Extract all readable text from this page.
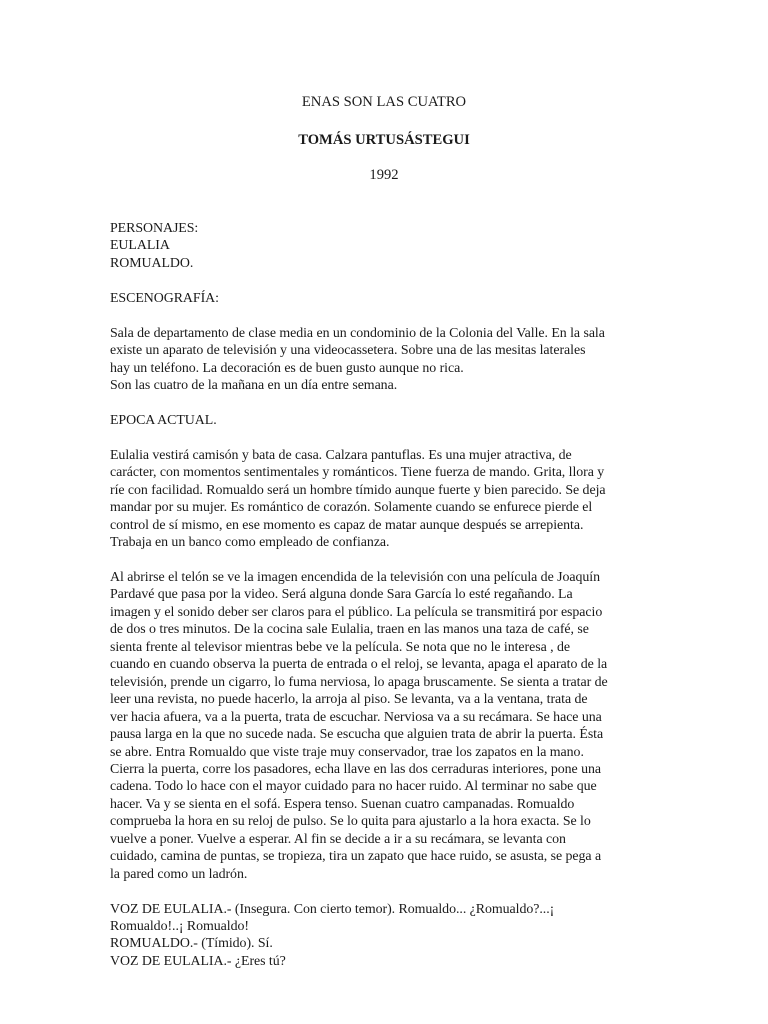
ENAS SON LAS CUATRO
TOMÁS URTUSÁSTEGUI
1992
PERSONAJES:
EULALIA
ROMUALDO.
ESCENOGRAFÍA:
Sala de departamento de clase media en un condominio de la Colonia del Valle. En la sala
existe un aparato de televisión y una videocassetera. Sobre una de las mesitas laterales
hay un teléfono. La decoración es de buen gusto aunque no rica.
Son las cuatro de la mañana en un día entre semana.
EPOCA ACTUAL.
Eulalia vestirá camisón y bata de casa. Calzara pantuflas. Es una mujer atractiva, de
carácter, con momentos sentimentales y románticos. Tiene fuerza de mando. Grita, llora y
ríe con facilidad. Romualdo será un hombre tímido aunque fuerte y bien parecido. Se deja
mandar por su mujer. Es romántico de corazón. Solamente cuando se enfurece pierde el
control de sí mismo, en ese momento es capaz de matar aunque después se arrepienta.
Trabaja en un banco como empleado de confianza.
Al abrirse el telón se ve la imagen encendida de la televisión con una película de Joaquín
Pardavé que pasa por la video. Será alguna donde Sara García lo esté regañando. La
imagen y el sonido deber ser claros para el público. La película se transmitirá por espacio
de dos o tres minutos. De la cocina sale Eulalia, traen en las manos una taza de café, se
sienta frente al televisor mientras bebe ve la película. Se nota que no le interesa , de
cuando en cuando observa la puerta de entrada o el reloj, se levanta, apaga el aparato de la
televisión, prende un cigarro, lo fuma nerviosa, lo apaga bruscamente. Se sienta a tratar de
leer una revista, no puede hacerlo, la arroja al piso. Se levanta, va a la ventana, trata de
ver hacia afuera, va a la puerta, trata de escuchar. Nerviosa va a su recámara. Se hace una
pausa larga en la que no sucede nada. Se escucha que alguien trata de abrir la puerta. Ésta
se abre. Entra Romualdo que viste traje muy conservador, trae los zapatos en la mano.
Cierra la puerta, corre los pasadores, echa llave en las dos cerraduras interiores, pone una
cadena. Todo lo hace con el mayor cuidado para no hacer ruido. Al terminar no sabe que
hacer. Va y se sienta en el sofá. Espera tenso. Suenan cuatro campanadas. Romualdo
comprueba la hora en su reloj de pulso. Se lo quita para ajustarlo a la hora exacta. Se lo
vuelve a poner. Vuelve a esperar. Al fin se decide a ir a su recámara, se levanta con
cuidado, camina de puntas, se tropieza, tira un zapato que hace ruido, se asusta, se pega a
la pared como un ladrón.
VOZ DE EULALIA.- (Insegura. Con cierto temor). Romualdo... ¿Romualdo?...¡
Romualdo!..¡ Romualdo!
ROMUALDO.- (Tímido). Sí.
VOZ DE EULALIA.- ¿Eres tú?
